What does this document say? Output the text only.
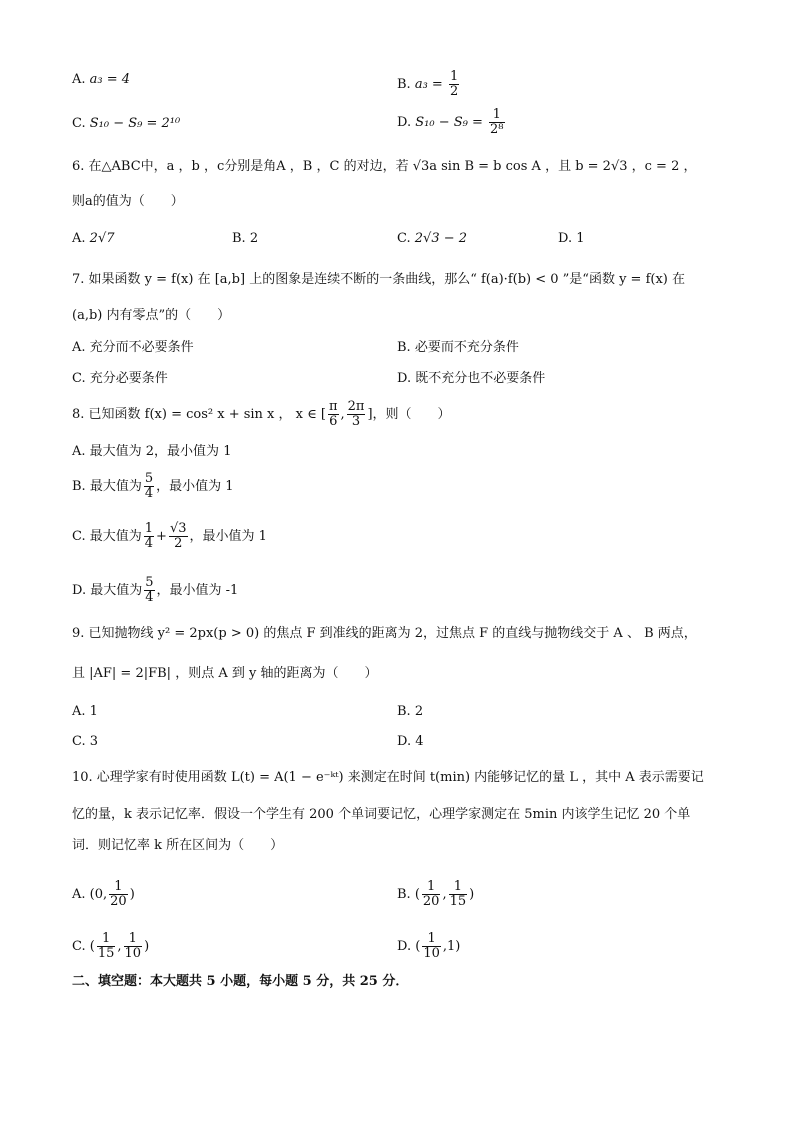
A. a₃ = 4	B. $a_3 = \frac{1}{2}$
C. S₁₀ − S₉ = 2¹⁰	D. $S_{10} - S_9 = \frac{1}{\text{2⁸}}$
6. 在△ABC中，a ，b ，c分别是角A ，B ，C 的对边，若 √3a sin B = b cos A ，且 b = 2√3 ，c = 2 ，
则a的值为（　　）
A. 2√7	B. 2	C. 2√3 − 2	D. 1
7. 如果函数 y = f(x) 在 [a,b] 上的图象是连续不断的一条曲线，那么“ f(a)·f(b) < 0 ”是“函数 y = f(x) 在
(a,b) 内有零点”的（　　）
A. 充分而不必要条件	B. 必要而不充分条件
C. 充分必要条件	D. 既不充分也不必要条件
8. 已知函数 f(x) = cos² x + sin x ， x ∈ [ $\frac{\pi}{6}$ , $\frac{2\pi}{3}$ ]，则（　　）
A. 最大值为 2，最小值为 1
B. 最大值为 $\frac{5}{4}$ ，最小值为 1
C. 最大值为 $\frac{1}{4} + \frac{√3}{2}$ ，最小值为 1
D. 最大值为 $\frac{5}{4}$ ，最小值为 -1
9. 已知抛物线 y² = 2px(p > 0) 的焦点 F 到准线的距离为 2，过焦点 F 的直线与抛物线交于 A 、 B 两点，
且 |AF| = 2|FB| ，则点 A 到 y 轴的距离为（　　）
A. 1	B. 2
C. 3	D. 4
10. 心理学家有时使用函数 L(t) = A(1 − e⁻ᵏᵗ) 来测定在时间 t(min) 内能够记忆的量 L ，其中 A 表示需要记
忆的量，k 表示记忆率．假设一个学生有 200 个单词要记忆，心理学家测定在 5min 内该学生记忆 20 个单
词．则记忆率 k 所在区间为（　　）
A. (0, $\frac{1}{20}$ )	B. ( $\frac{1}{20}$ , $\frac{1}{15}$ )
C. ( $\frac{1}{15}$ , $\frac{1}{10}$ )	D. ( $\frac{1}{10} ,1$)
二、填空题：本大题共 5 小题，每小题 5 分，共 25 分．
